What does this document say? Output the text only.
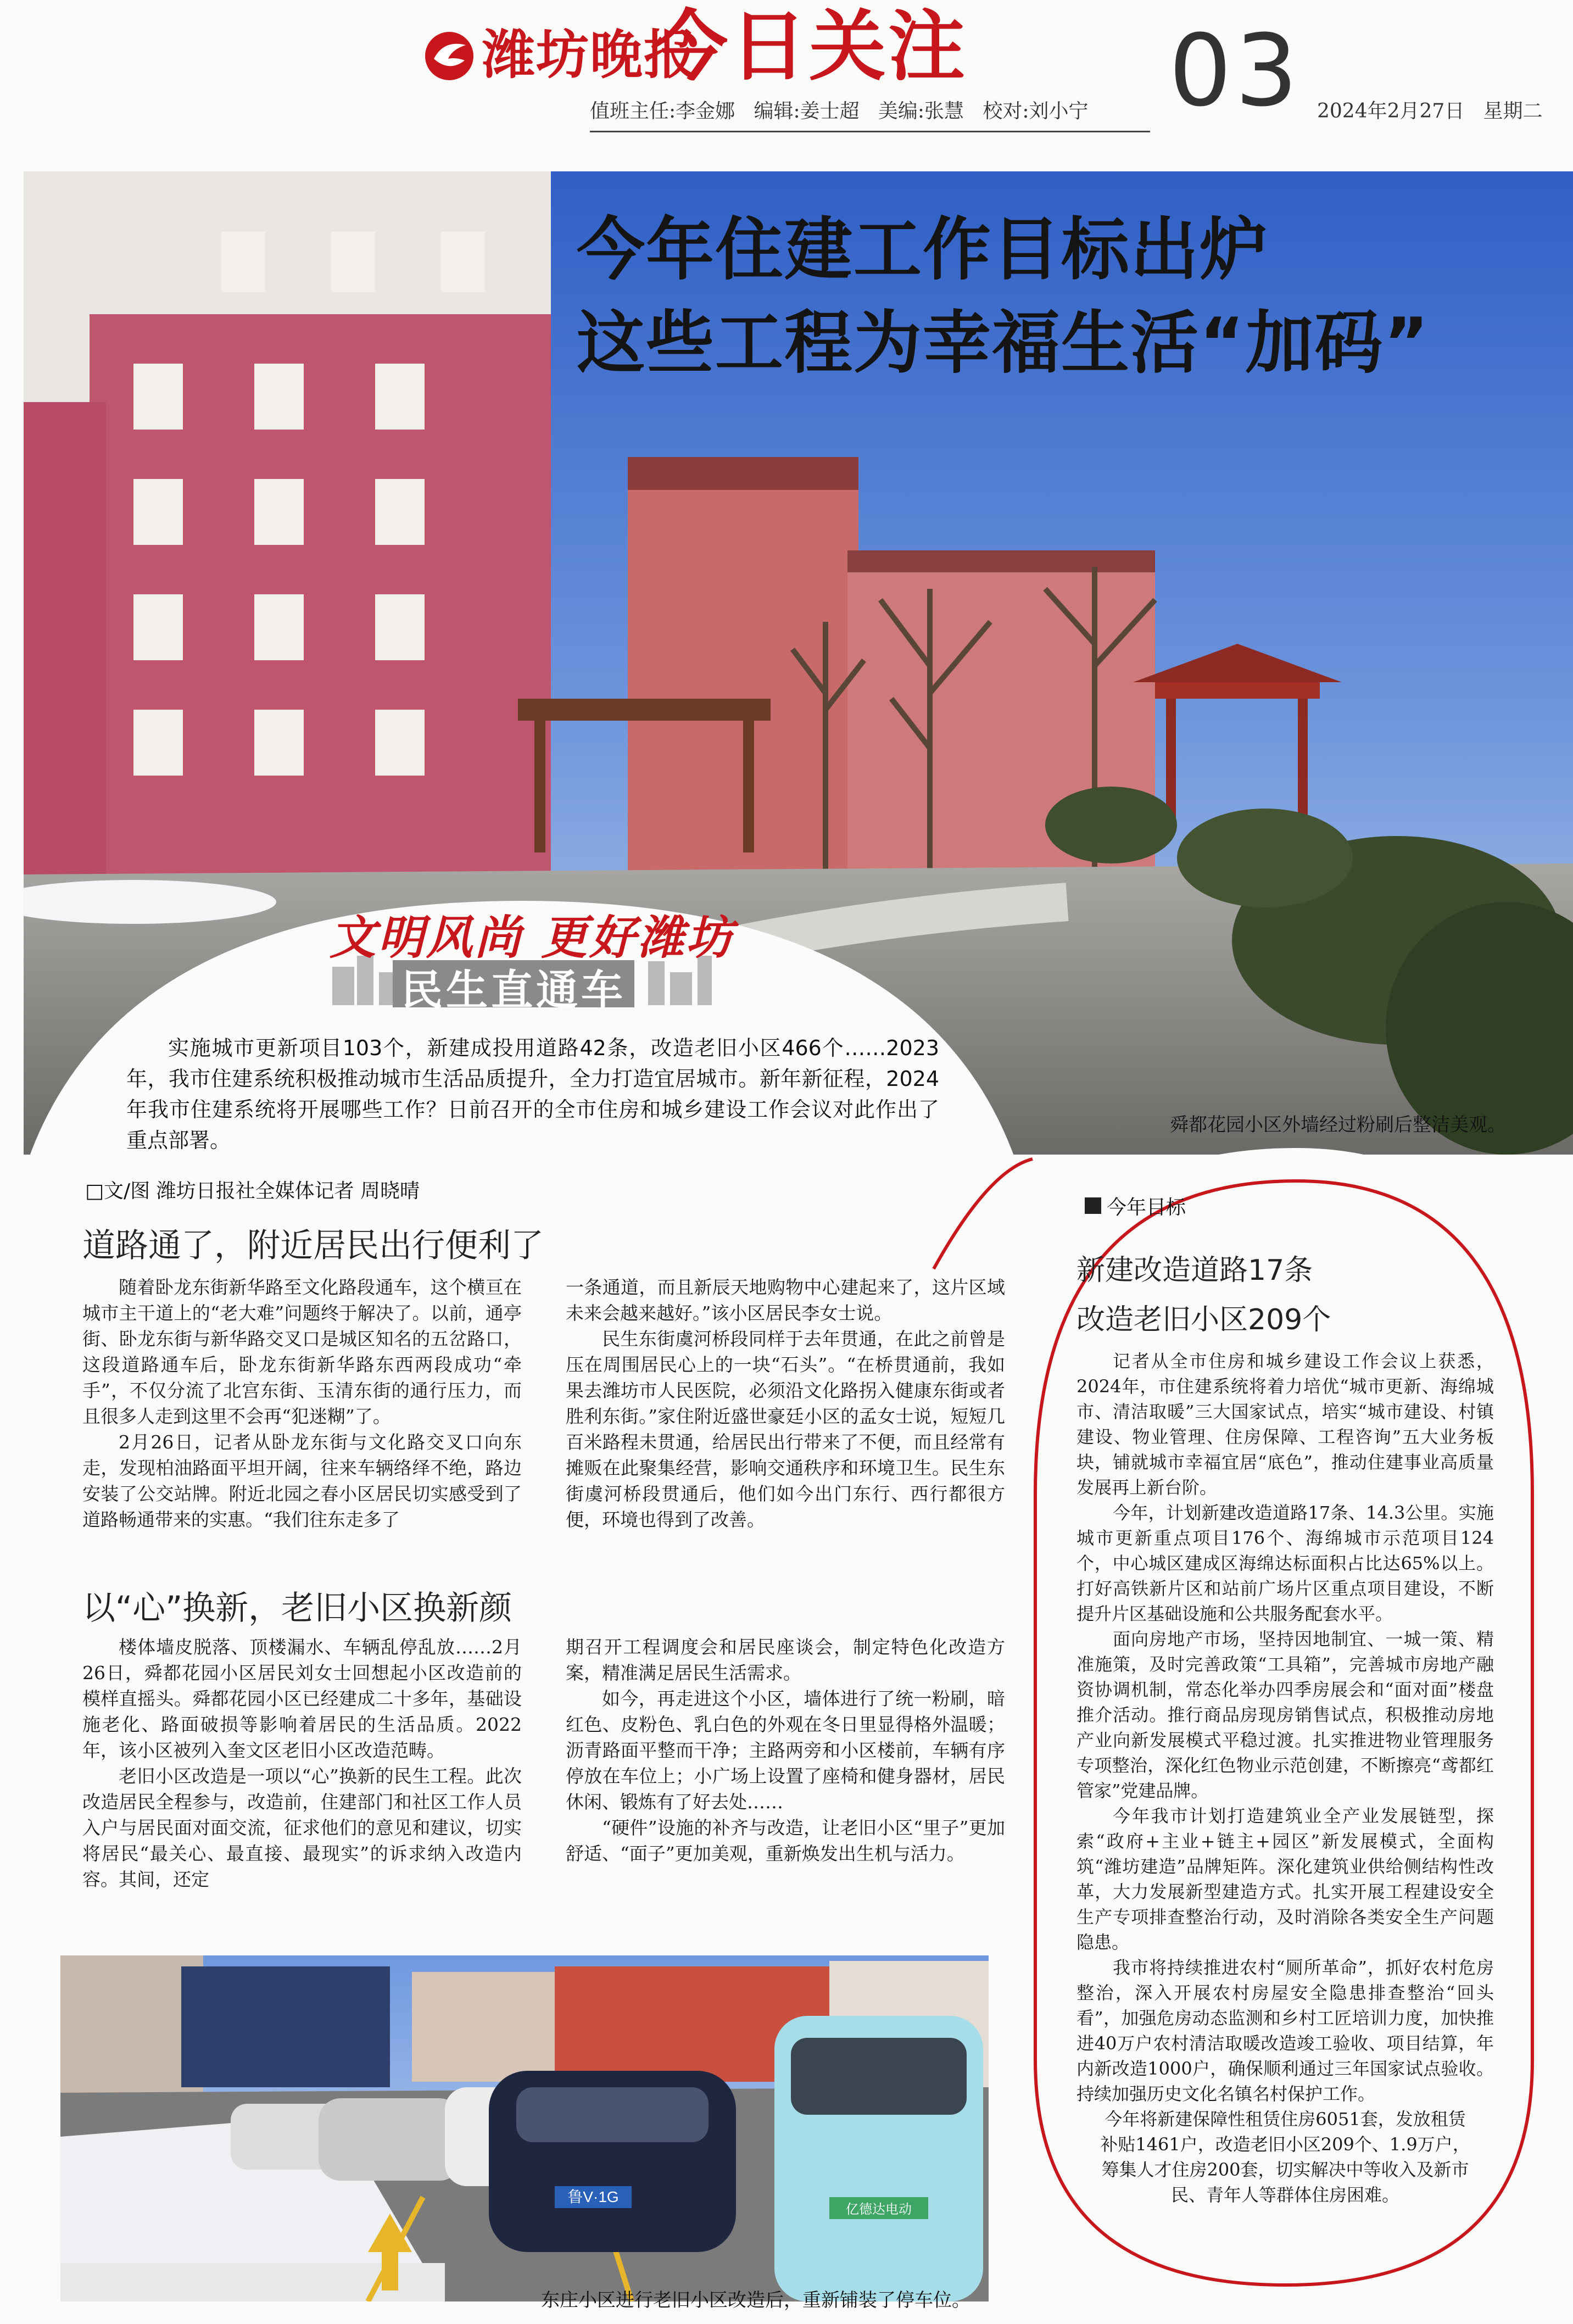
潍坊晚报
今日关注 03
值班主任:李金娜   编辑:姜士超   美编:张慧   校对:刘小宁	2024年2月27日   星期二
今年住建工作目标出炉
这些工程为幸福生活“加码”
文明风尚 更好潍坊
民生直通车
实施城市更新项目103个，新建成投用道路42条，改造老旧小区466个……2023年，我市住建系统积极推动城市生活品质提升，全力打造宜居城市。新年新征程，2024年我市住建系统将开展哪些工作？日前召开的全市住房和城乡建设工作会议对此作出了重点部署。
舜都花园小区外墙经过粉刷后整洁美观。
□文/图 潍坊日报社全媒体记者 周晓晴
道路通了，附近居民出行便利了

随着卧龙东街新华路至文化路段通车，这个横亘在城市主干道上的“老大难”问题终于解决了。以前，通亭街、卧龙东街与新华路交叉口是城区知名的五岔路口，这段道路通车后，卧龙东街新华路东西两段成功“牵手”，不仅分流了北宫东街、玉清东街的通行压力，而且很多人走到这里不会再“犯迷糊”了。

2月26日，记者从卧龙东街与文化路交叉口向东走，发现柏油路面平坦开阔，往来车辆络绎不绝，路边安装了公交站牌。附近北园之春小区居民切实感受到了道路畅通带来的实惠。“我们往东走多了

一条通道，而且新辰天地购物中心建起来了，这片区域未来会越来越好。”该小区居民李女士说。

民生东街虞河桥段同样于去年贯通，在此之前曾是压在周围居民心上的一块“石头”。“在桥贯通前，我如果去潍坊市人民医院，必须沿文化路拐入健康东街或者胜利东街。”家住附近盛世豪廷小区的孟女士说，短短几百米路程未贯通，给居民出行带来了不便，而且经常有摊贩在此聚集经营，影响交通秩序和环境卫生。民生东街虞河桥段贯通后，他们如今出门东行、西行都很方便，环境也得到了改善。

以“心”换新，老旧小区换新颜

楼体墙皮脱落、顶楼漏水、车辆乱停乱放……2月26日，舜都花园小区居民刘女士回想起小区改造前的模样直摇头。舜都花园小区已经建成二十多年，基础设施老化、路面破损等影响着居民的生活品质。2022年，该小区被列入奎文区老旧小区改造范畴。

老旧小区改造是一项以“心”换新的民生工程。此次改造居民全程参与，改造前，住建部门和社区工作人员入户与居民面对面交流，征求他们的意见和建议，切实将居民“最关心、最直接、最现实”的诉求纳入改造内容。其间，还定

期召开工程调度会和居民座谈会，制定特色化改造方案，精准满足居民生活需求。

如今，再走进这个小区，墙体进行了统一粉刷，暗红色、皮粉色、乳白色的外观在冬日里显得格外温暖；沥青路面平整而干净；主路两旁和小区楼前，车辆有序停放在车位上；小广场上设置了座椅和健身器材，居民休闲、锻炼有了好去处……

“硬件”设施的补齐与改造，让老旧小区“里子”更加舒适、“面子”更加美观，重新焕发出生机与活力。

今年目标
新建改造道路17条
改造老旧小区209个

记者从全市住房和城乡建设工作会议上获悉，2024年，市住建系统将着力培优“城市更新、海绵城市、清洁取暖”三大国家试点，培实“城市建设、村镇建设、物业管理、住房保障、工程咨询”五大业务板块，铺就城市幸福宜居“底色”，推动住建事业高质量发展再上新台阶。

今年，计划新建改造道路17条、14.3公里。实施城市更新重点项目176个、海绵城市示范项目124个，中心城区建成区海绵达标面积占比达65%以上。打好高铁新片区和站前广场片区重点项目建设，不断提升片区基础设施和公共服务配套水平。

面向房地产市场，坚持因地制宜、一城一策、精准施策，及时完善政策“工具箱”，完善城市房地产融资协调机制，常态化举办四季房展会和“面对面”楼盘推介活动。推行商品房现房销售试点，积极推动房地产业向新发展模式平稳过渡。扎实推进物业管理服务专项整治，深化红色物业示范创建，不断擦亮“鸢都红管家”党建品牌。

今年我市计划打造建筑业全产业发展链型，探索“政府+主业+链主+园区”新发展模式，全面构筑“潍坊建造”品牌矩阵。深化建筑业供给侧结构性改革，大力发展新型建造方式。扎实开展工程建设安全生产专项排查整治行动，及时消除各类安全生产问题隐患。

我市将持续推进农村“厕所革命”，抓好农村危房整治，深入开展农村房屋安全隐患排查整治“回头看”，加强危房动态监测和乡村工匠培训力度，加快推进40万户农村清洁取暖改造竣工验收、项目结算，年内新改造1000户，确保顺利通过三年国家试点验收。持续加强历史文化名镇名村保护工作。

今年将新建保障性租赁住房6051套，发放租赁补贴1461户，改造老旧小区209个、1.9万户，筹集人才住房200套，切实解决中等收入及新市民、青年人等群体住房困难。

鲁V·1G
亿德达电动
东庄小区进行老旧小区改造后，重新铺装了停车位。
